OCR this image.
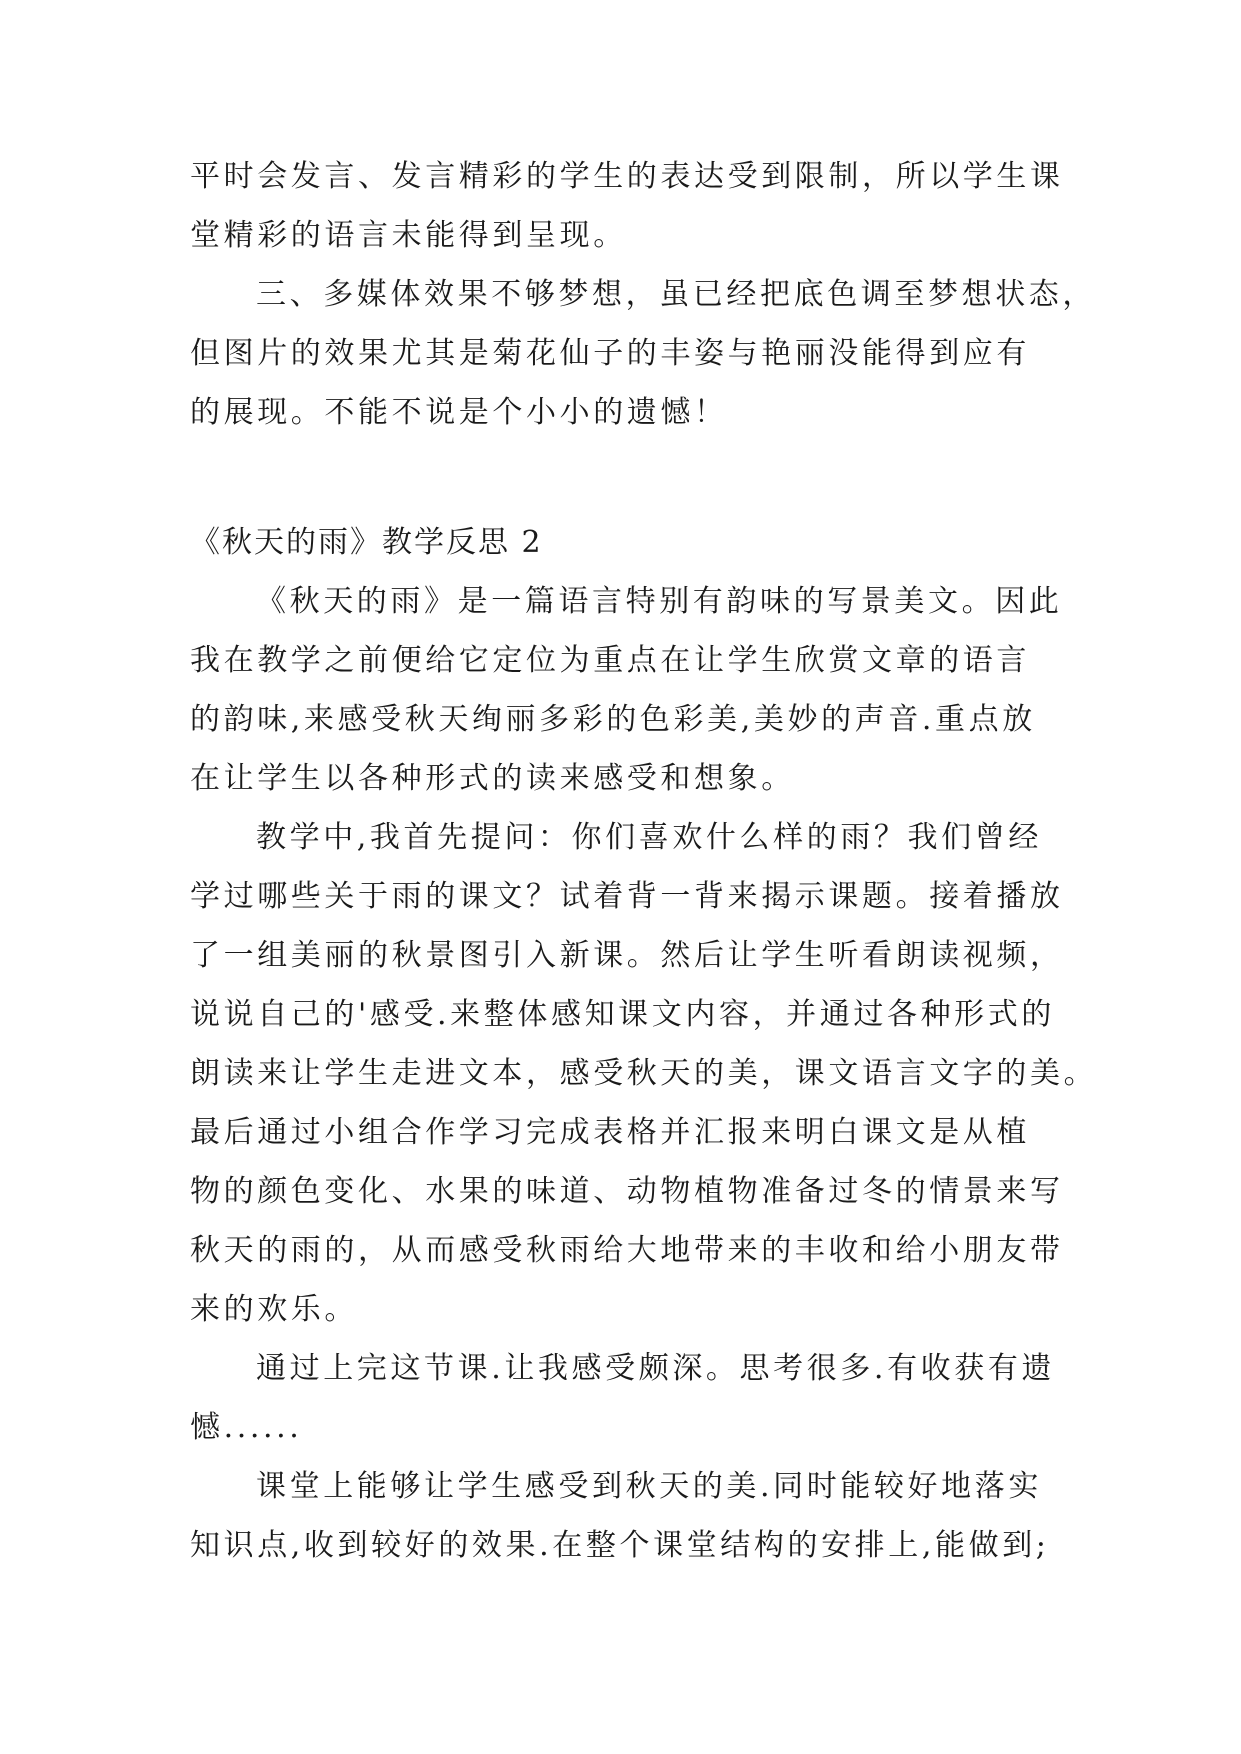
平时会发言、发言精彩的学生的表达受到限制，所以学生课
堂精彩的语言未能得到呈现。
三、多媒体效果不够梦想，虽已经把底色调至梦想状态，
但图片的效果尤其是菊花仙子的丰姿与艳丽没能得到应有
的展现。不能不说是个小小的遗憾！
《秋天的雨》教学反思 2
《秋天的雨》是一篇语言特别有韵味的写景美文。因此
我在教学之前便给它定位为重点在让学生欣赏文章的语言
的韵味,来感受秋天绚丽多彩的色彩美,美妙的声音.重点放
在让学生以各种形式的读来感受和想象。
教学中,我首先提问：你们喜欢什么样的雨？我们曾经
学过哪些关于雨的课文？试着背一背来揭示课题。接着播放
了一组美丽的秋景图引入新课。然后让学生听看朗读视频，
说说自己的'感受.来整体感知课文内容，并通过各种形式的
朗读来让学生走进文本，感受秋天的美，课文语言文字的美。
最后通过小组合作学习完成表格并汇报来明白课文是从植
物的颜色变化、水果的味道、动物植物准备过冬的情景来写
秋天的雨的，从而感受秋雨给大地带来的丰收和给小朋友带
来的欢乐。
通过上完这节课.让我感受颇深。思考很多.有收获有遗
憾......
课堂上能够让学生感受到秋天的美.同时能较好地落实
知识点,收到较好的效果.在整个课堂结构的安排上,能做到;
